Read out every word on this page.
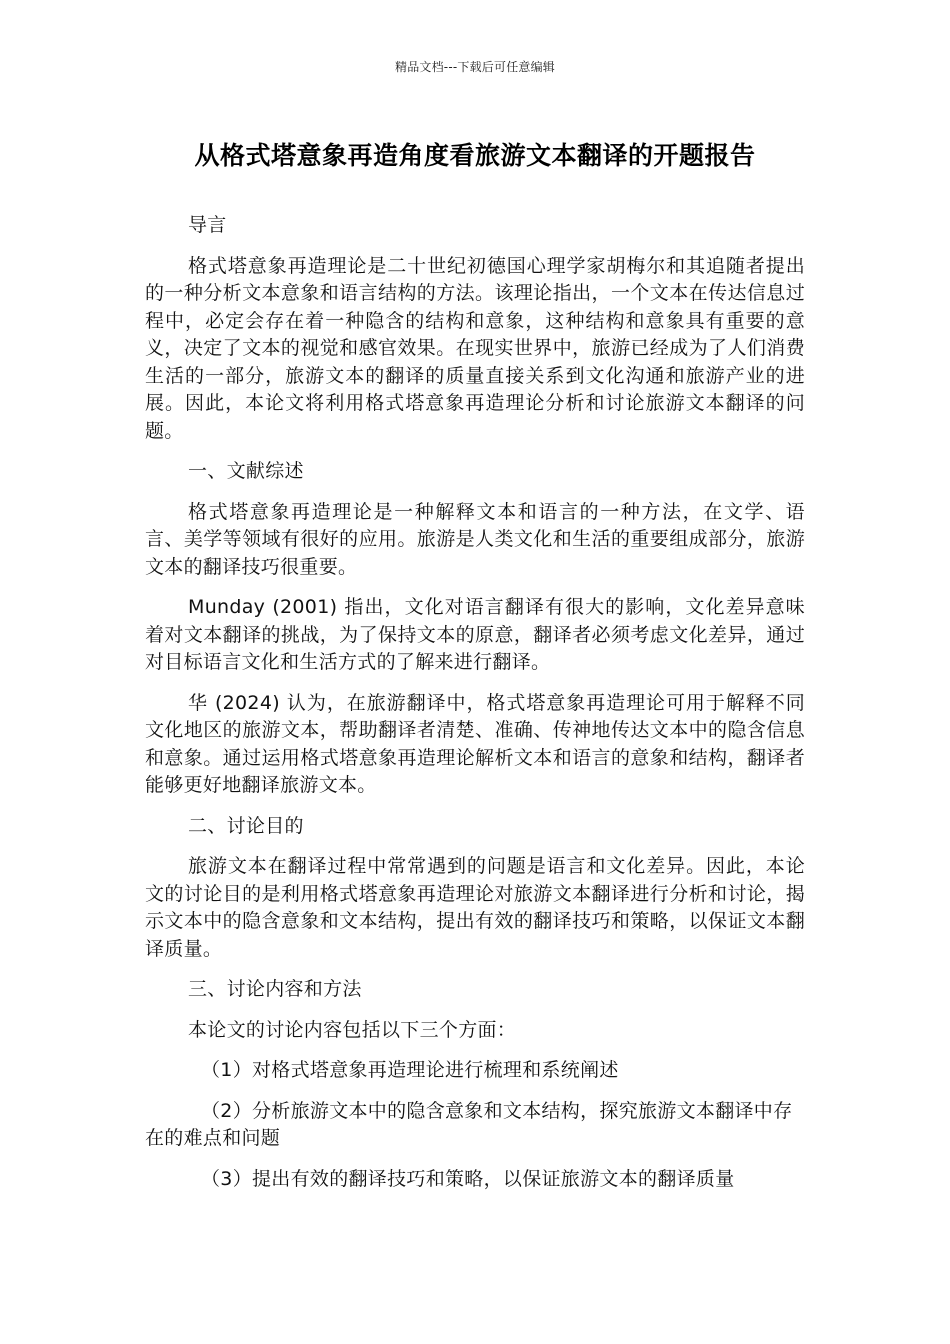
精品文档---下载后可任意编辑
从格式塔意象再造角度看旅游文本翻译的开题报告

导言

格式塔意象再造理论是二十世纪初德国心理学家胡梅尔和其追随者提出的一种分析文本意象和语言结构的方法。该理论指出，一个文本在传达信息过程中，必定会存在着一种隐含的结构和意象，这种结构和意象具有重要的意义，决定了文本的视觉和感官效果。在现实世界中，旅游已经成为了人们消费生活的一部分，旅游文本的翻译的质量直接关系到文化沟通和旅游产业的进展。因此，本论文将利用格式塔意象再造理论分析和讨论旅游文本翻译的问题。

一、文献综述

格式塔意象再造理论是一种解释文本和语言的一种方法，在文学、语言、美学等领域有很好的应用。旅游是人类文化和生活的重要组成部分，旅游文本的翻译技巧很重要。

Munday (2001) 指出，文化对语言翻译有很大的影响，文化差异意味着对文本翻译的挑战，为了保持文本的原意，翻译者必须考虑文化差异，通过对目标语言文化和生活方式的了解来进行翻译。

华 (2024) 认为，在旅游翻译中，格式塔意象再造理论可用于解释不同文化地区的旅游文本，帮助翻译者清楚、准确、传神地传达文本中的隐含信息和意象。通过运用格式塔意象再造理论解析文本和语言的意象和结构，翻译者能够更好地翻译旅游文本。

二、讨论目的

旅游文本在翻译过程中常常遇到的问题是语言和文化差异。因此，本论文的讨论目的是利用格式塔意象再造理论对旅游文本翻译进行分析和讨论，揭示文本中的隐含意象和文本结构，提出有效的翻译技巧和策略，以保证文本翻译质量。

三、讨论内容和方法

本论文的讨论内容包括以下三个方面：

（1）对格式塔意象再造理论进行梳理和系统阐述

（2）分析旅游文本中的隐含意象和文本结构，探究旅游文本翻译中存在的难点和问题

（3）提出有效的翻译技巧和策略，以保证旅游文本的翻译质量
